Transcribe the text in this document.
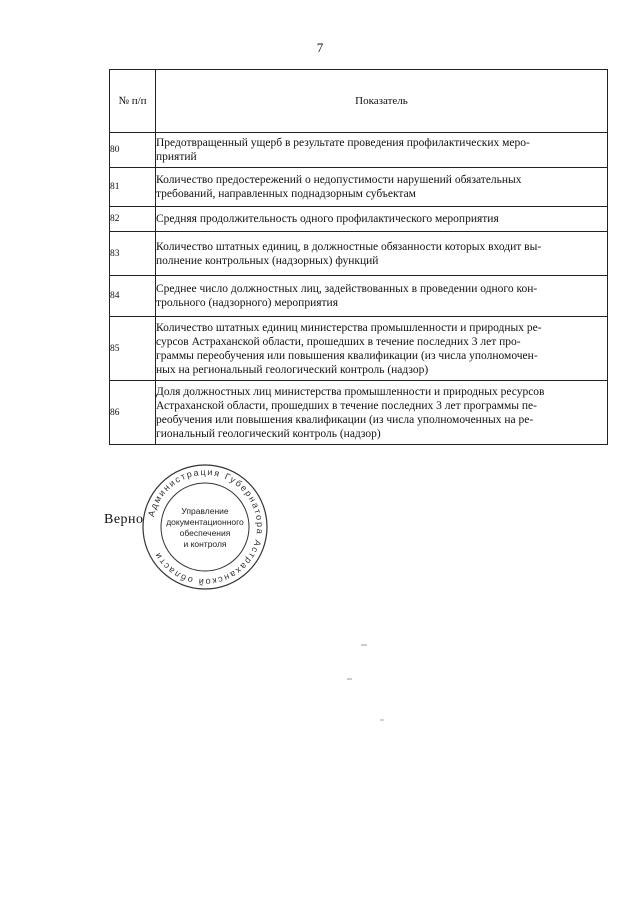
7
№ п/п	Показатель
80	Предотвращенный ущерб в результате проведения профилактических меро-
приятий

81	Количество предостережений о недопустимости нарушений обязательных
требований, направленных поднадзорным субъектам

82	Средняя продолжительность одного профилактического мероприятия

83	Количество штатных единиц, в должностные обязанности которых входит вы-
полнение контрольных (надзорных) функций

84	Среднее число должностных лиц, задействованных в проведении одного кон-
трольного (надзорного) мероприятия

85	Количество штатных единиц министерства промышленности и природных ре-
сурсов Астраханской области, прошедших в течение последних 3 лет про-
граммы переобучения или повышения квалификации (из числа уполномочен-
ных на региональный геологический контроль (надзор)

86	Доля должностных лиц министерства промышленности и природных ресурсов
Астраханской области, прошедших в течение последних 3 лет программы пе-
реобучения или повышения квалификации (из числа уполномоченных на ре-
гиональный геологический контроль (надзор)
Верно Администрация Губернатора Астраханской области
Управление
документационного
обеспечения
и контроля
